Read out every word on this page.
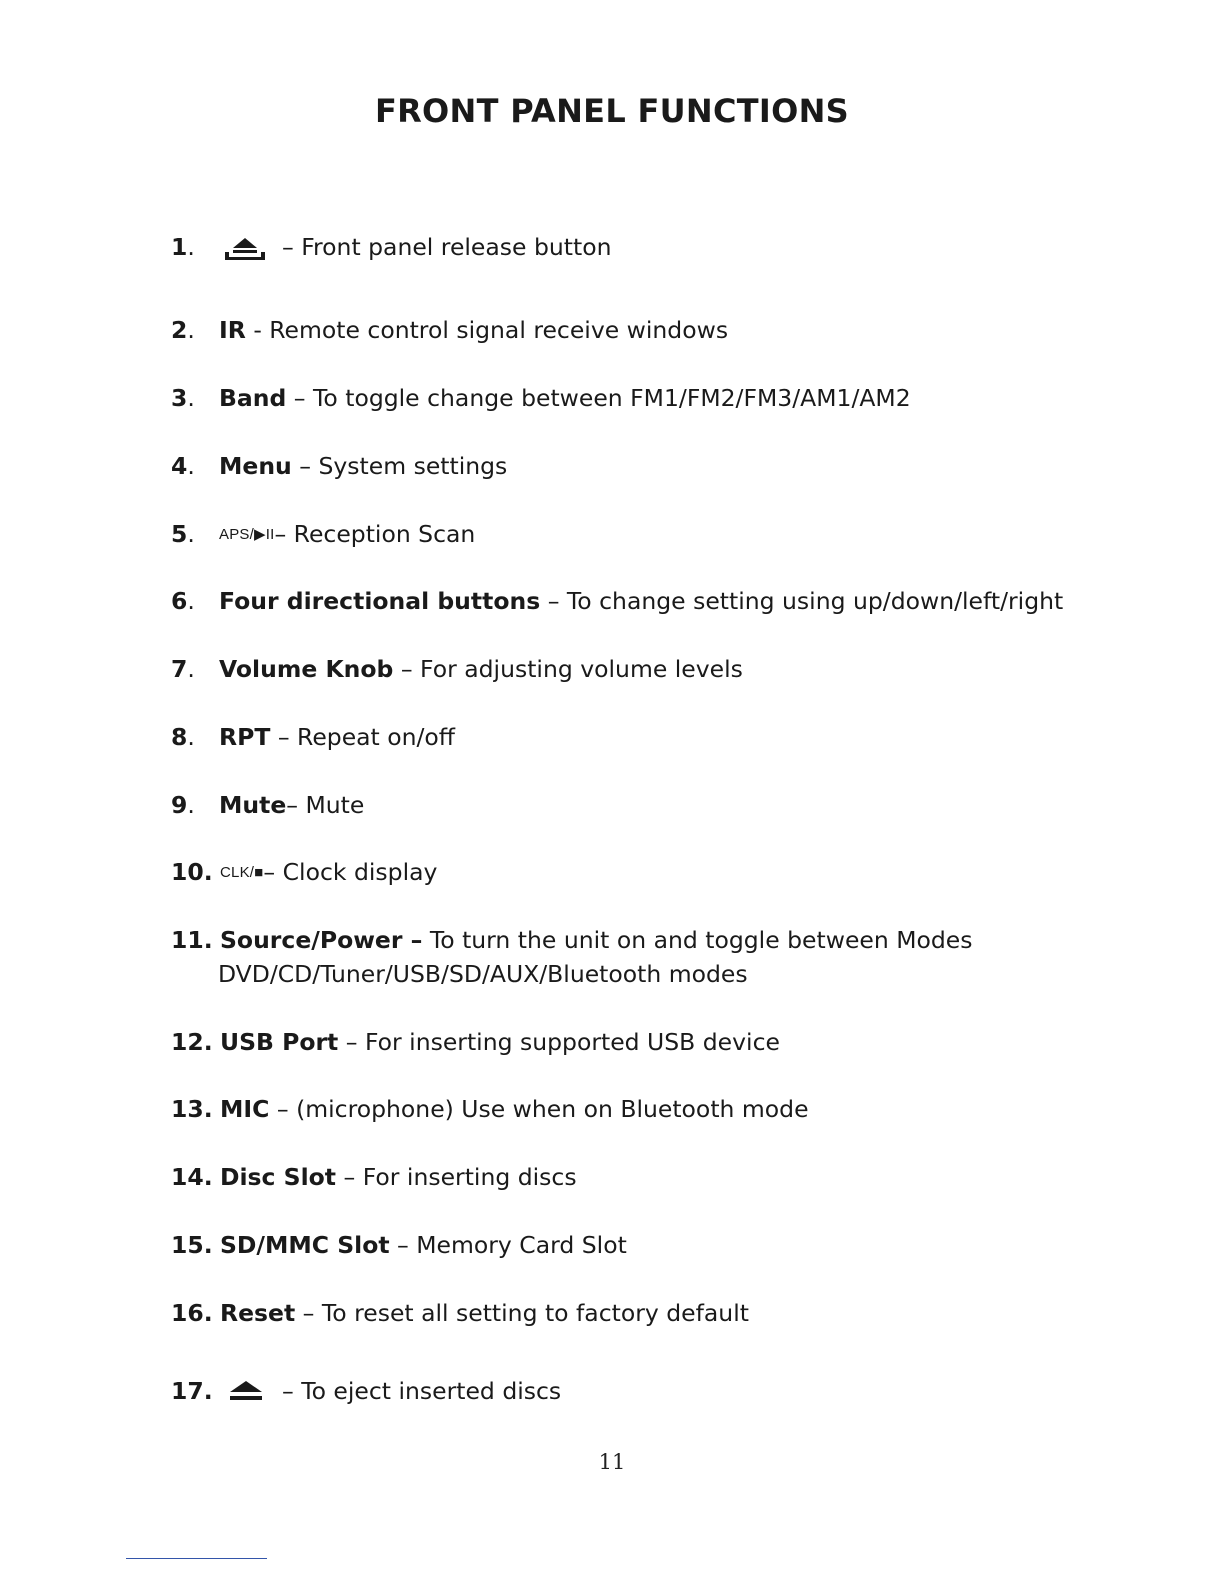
FRONT PANEL FUNCTIONS
1.	– Front panel release button
2. IR - Remote control signal receive windows
3. Band – To toggle change between FM1/FM2/FM3/AM1/AM2
4. Menu – System settings
5. APS/▶II– Reception Scan
6. Four directional buttons – To change setting using up/down/left/right
7. Volume Knob – For adjusting volume levels
8. RPT – Repeat on/off
9. Mute– Mute
10. CLK/■– Clock display
11. Source/Power – To turn the unit on and toggle between Modes
DVD/CD/Tuner/USB/SD/AUX/Bluetooth modes
12. USB Port – For inserting supported USB device
13. MIC – (microphone) Use when on Bluetooth mode
14. Disc Slot – For inserting discs
15. SD/MMC Slot – Memory Card Slot
16. Reset – To reset all setting to factory default
17.	– To eject inserted discs
11
